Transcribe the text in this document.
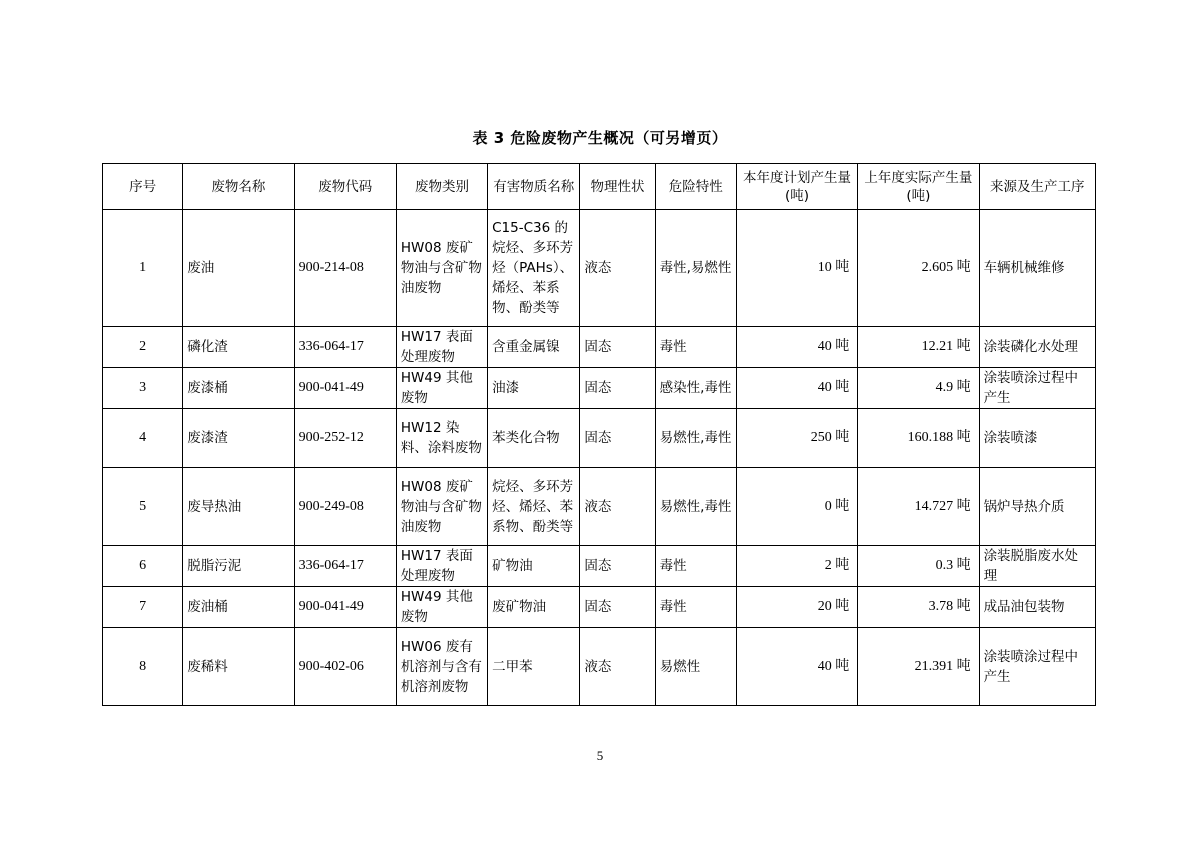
表 3 危险废物产生概况（可另增页）
序号	废物名称	废物代码	废物类别	有害物质名称	物理性状	危险特性	本年度计划产生量(吨)	上年度实际产生量(吨)	来源及生产工序
1	废油	900-214-08	HW08 废矿物油与含矿物油废物	C15-C36 的烷烃、多环芳烃（PAHs）、烯烃、苯系物、酚类等	液态	毒性,易燃性	10 吨	2.605 吨	车辆机械维修
2	磷化渣	336-064-17	HW17 表面处理废物	含重金属镍	固态	毒性	40 吨	12.21 吨	涂装磷化水处理
3	废漆桶	900-041-49	HW49 其他废物	油漆	固态	感染性,毒性	40 吨	4.9 吨	涂装喷涂过程中产生
4	废漆渣	900-252-12	HW12 染料、涂料废物	苯类化合物	固态	易燃性,毒性	250 吨	160.188 吨	涂装喷漆
5	废导热油	900-249-08	HW08 废矿物油与含矿物油废物	烷烃、多环芳烃、烯烃、苯系物、酚类等	液态	易燃性,毒性	0 吨	14.727 吨	锅炉导热介质
6	脱脂污泥	336-064-17	HW17 表面处理废物	矿物油	固态	毒性	2 吨	0.3 吨	涂装脱脂废水处理
7	废油桶	900-041-49	HW49 其他废物	废矿物油	固态	毒性	20 吨	3.78 吨	成品油包装物
8	废稀料	900-402-06	HW06 废有机溶剂与含有机溶剂废物	二甲苯	液态	易燃性	40 吨	21.391 吨	涂装喷涂过程中产生
5
